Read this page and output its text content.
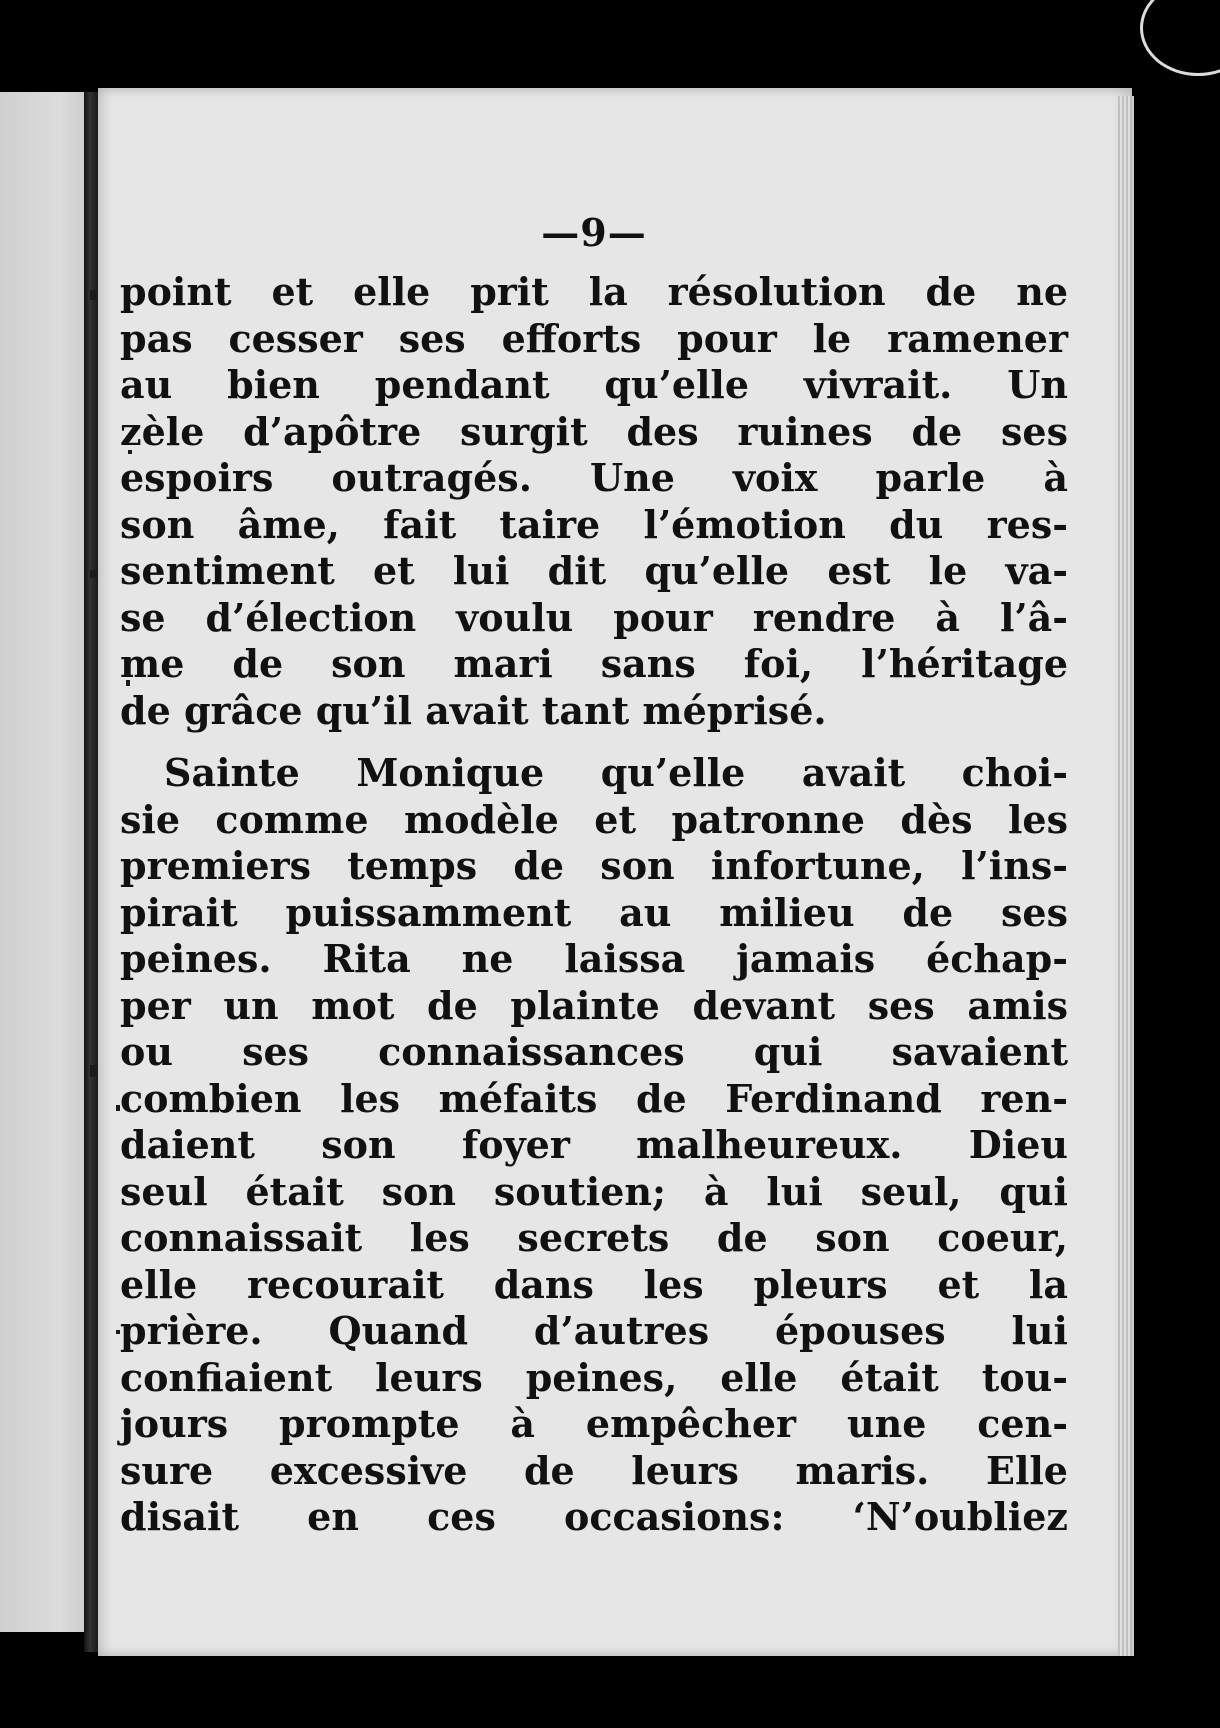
—9—

point et elle prit la résolution de ne
pas cesser ses efforts pour le ramener
au bien pendant qu’elle vivrait. Un
zèle d’apôtre surgit des ruines de ses
espoirs outragés. Une voix parle à
son âme, fait taire l’émotion du res-
sentiment et lui dit qu’elle est le va-
se d’élection voulu pour rendre à l’â-
me de son mari sans foi, l’héritage
de grâce qu’il avait tant méprisé.

Sainte Monique qu’elle avait choi-
sie comme modèle et patronne dès les
premiers temps de son infortune, l’ins-
pirait puissamment au milieu de ses
peines. Rita ne laissa jamais échap-
per un mot de plainte devant ses amis
ou ses connaissances qui savaient
combien les méfaits de Ferdinand ren-
daient son foyer malheureux. Dieu
seul était son soutien; à lui seul, qui
connaissait les secrets de son coeur,
elle recourait dans les pleurs et la
prière. Quand d’autres épouses lui
confiaient leurs peines, elle était tou-
jours prompte à empêcher une cen-
sure excessive de leurs maris. Elle
disait en ces occasions: ‘N’oubliez
